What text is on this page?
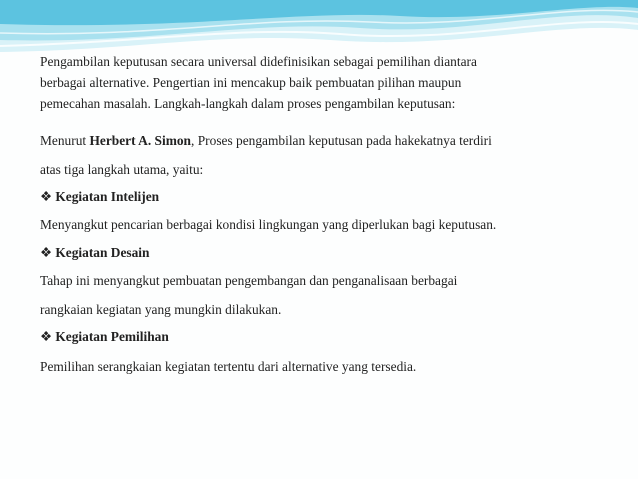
Pengambilan keputusan secara universal didefinisikan sebagai pemilihan diantara
berbagai alternative. Pengertian ini mencakup baik pembuatan pilihan maupun
pemecahan masalah. Langkah-langkah dalam proses pengambilan keputusan:
Menurut Herbert A. Simon, Proses pengambilan keputusan pada hakekatnya terdiri
atas tiga langkah utama, yaitu:
❖ Kegiatan Intelijen
Menyangkut pencarian berbagai kondisi lingkungan yang diperlukan bagi keputusan.
❖ Kegiatan Desain
Tahap ini menyangkut pembuatan pengembangan dan penganalisaan berbagai
rangkaian kegiatan yang mungkin dilakukan.
❖ Kegiatan Pemilihan
Pemilihan serangkaian kegiatan tertentu dari alternative yang tersedia.
